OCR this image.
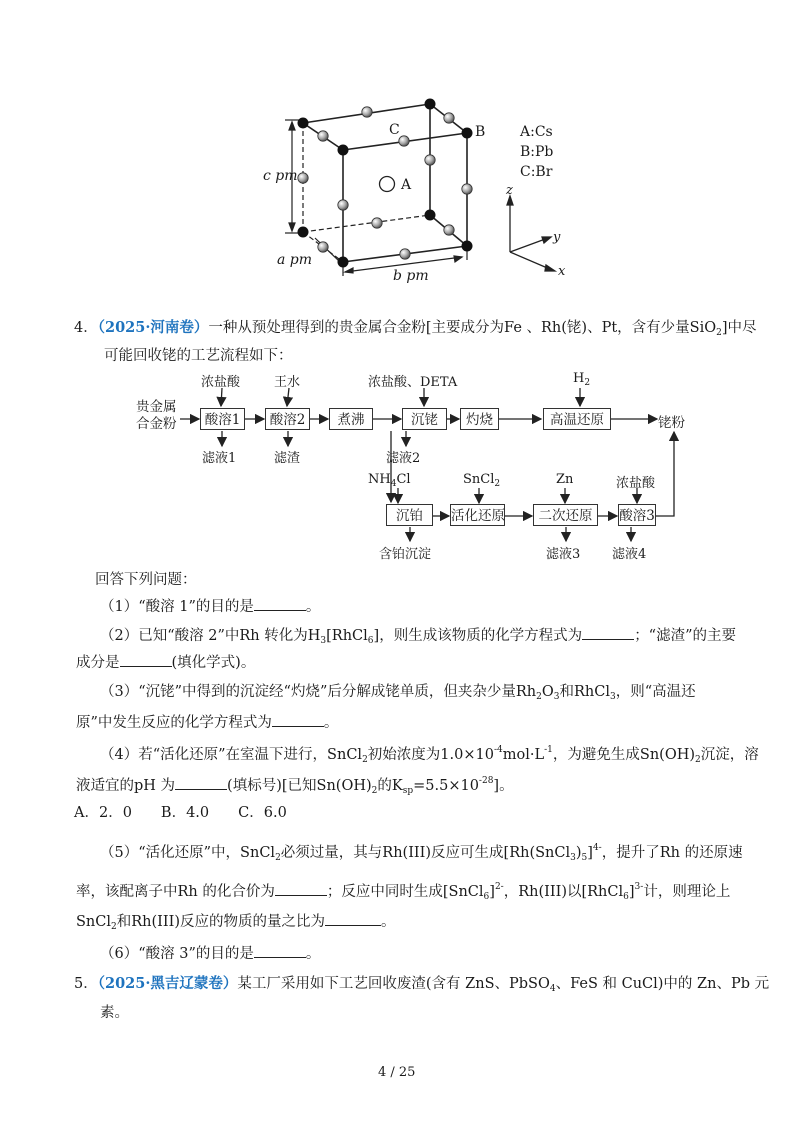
C	B
A
c pm
a pm
b pm
A:Cs
B:Pb
C:Br
z
y
x
4．（2025·河南卷）一种从预处理得到的贵金属合金粉[主要成分为Fe 、Rh(铑)、Pt，含有少量SiO$_2$]中尽
可能回收铑的工艺流程如下：
贵金属
合金粉	酸溶1	酸溶2	煮沸	沉铑	灼烧	高温还原	铑粉
浓盐酸	王水	浓盐酸、DETA	$H_2$
滤液1	滤渣	滤液2
$NH_4Cl$	SnCl$_2$	Zn	浓盐酸
沉铂	活化还原	二次还原	酸溶3
含铂沉淀	滤液3 滤液4
回答下列问题：
（1）“酸溶 1”的目的是	。
（2）已知“酸溶 2”中Rh 转化为$H_3[RhCl_6]$，则生成该物质的化学方程式为	；“滤渣”的主要
成分是	(填化学式)。
（3）“沉铑”中得到的沉淀经“灼烧”后分解成铑单质，但夹杂少量$Rh_2O_3$和RhCl$_3$，则“高温还
原”中发生反应的化学方程式为	。
（4）若“活化还原”在室温下进行，SnCl$_2$初始浓度为$1.0\times 10^{-4}mol\cdot L^{-1}$，为避免生成$Sn(OH)_2$沉淀，溶
液适宜的pH 为	(填标号)[已知$Sn(OH)_2$的$K_{sp}=5.5\times 10^{-28}$]。
A．2．0　　B．4.0　　C．6.0
（5）“活化还原”中，SnCl$_2$必须过量，其与Rh(III)反应可生成$[Rh(SnCl_3)_5]^{4-}$，提升了Rh 的还原速
率，该配离子中Rh 的化合价为	；反应中同时生成[SnCl$_6$]$^{2-}$，Rh(III)以[RhCl$_6$]$^{3-}$计，则理论上
SnCl$_2$和Rh(III)反应的物质的量之比为	。
（6）“酸溶 3”的目的是	。
5．（2025·黑吉辽蒙卷）某工厂采用如下工艺回收废渣(含有 ZnS、PbSO$_4$、FeS 和 CuCl)中的 Zn、Pb 元
素。
4 / 25
